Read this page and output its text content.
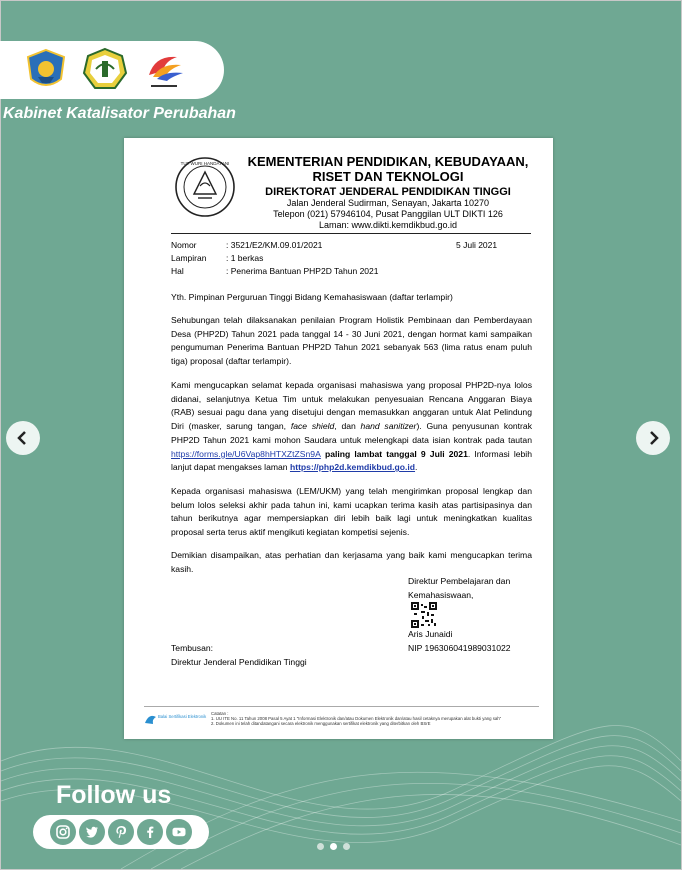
Kabinet Katalisator Perubahan
TUT WURI HANDAYANI	KEMENTERIAN PENDIDIKAN, KEBUDAYAAN,
RISET DAN TEKNOLOGI
DIREKTORAT JENDERAL PENDIDIKAN TINGGI
Jalan Jenderal Sudirman, Senayan, Jakarta 10270
Telepon (021) 57946104, Pusat Panggilan ULT DIKTI 126
Laman: www.dikti.kemdikbud.go.id
Nomor	: 3521/E2/KM.09.01/2021
Lampiran : 1 berkas
Hal	: Penerima Bantuan PHP2D Tahun 2021
5 Juli 2021
Yth. Pimpinan Perguruan Tinggi Bidang Kemahasiswaan (daftar terlampir)
Sehubungan telah dilaksanakan penilaian Program Holistik Pembinaan dan Pemberdayaan Desa (PHP2D) Tahun 2021 pada tanggal 14 - 30 Juni 2021, dengan hormat kami sampaikan pengumuman Penerima Bantuan PHP2D Tahun 2021 sebanyak 563 (lima ratus enam puluh tiga) proposal (daftar terlampir).
Kami mengucapkan selamat kepada organisasi mahasiswa yang proposal PHP2D-nya lolos didanai, selanjutnya Ketua Tim untuk melakukan penyesuaian Rencana Anggaran Biaya (RAB) sesuai pagu dana yang disetujui dengan memasukkan anggaran untuk Alat Pelindung Diri (masker, sarung tangan, face shield, dan hand sanitizer). Guna penyusunan kontrak PHP2D Tahun 2021 kami mohon Saudara untuk melengkapi data isian kontrak pada tautan https://forms.gle/U6Vap8hHTXZtZSn9A paling lambat tanggal 9 Juli 2021. Informasi lebih lanjut dapat mengakses laman https://php2d.kemdikbud.go.id.
Kepada organisasi mahasiswa (LEM/UKM) yang telah mengirimkan proposal lengkap dan belum lolos seleksi akhir pada tahun ini, kami ucapkan terima kasih atas partisipasinya dan tahun berikutnya agar mempersiapkan diri lebih baik lagi untuk meningkatkan kualitas proposal serta terus aktif mengikuti kegiatan kompetisi sejenis.
Demikian disampaikan, atas perhatian dan kerjasama yang baik kami mengucapkan terima kasih.
Direktur Pembelajaran dan
Kemahasiswaan,
Aris Junaidi
NIP 196306041989031022
Tembusan:
Direktur Jenderal Pendidikan Tinggi
Balai Sertifikasi Elektronik
Catatan :
1. UU ITE No. 11 Tahun 2008 Pasal 5 Ayat 1 "Informasi Elektronik dan/atau Dokumen Elektronik dan/atau hasil cetaknya merupakan alat bukti yang sah"
2. Dokumen ini telah ditandatangani secara elektronik menggunakan sertifikat elektronik yang diterbitkan oleh BSrE
Follow us
